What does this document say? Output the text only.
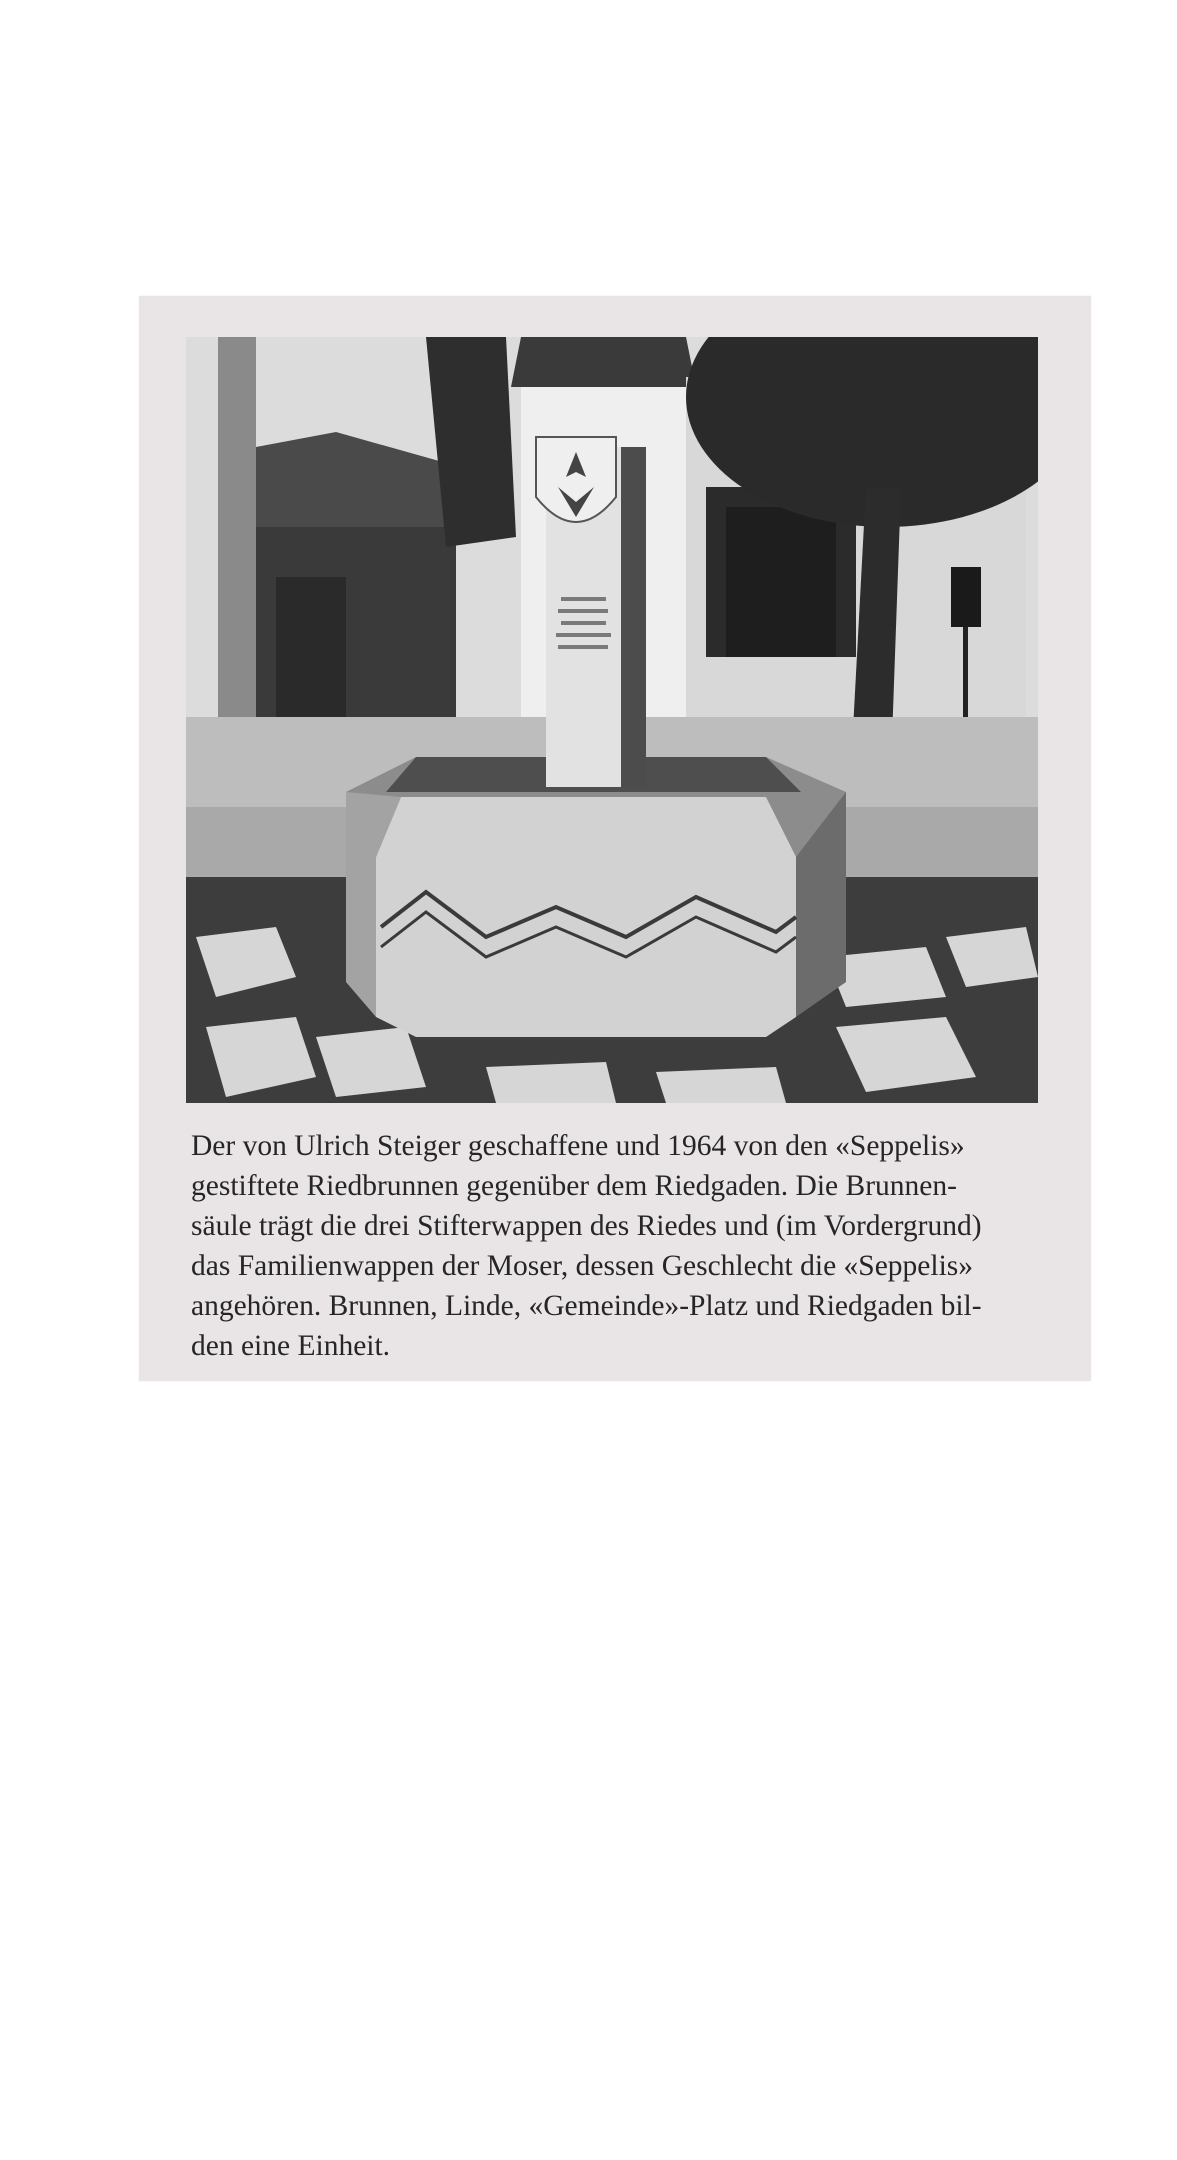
Der von Ulrich Steiger geschaffene und 1964 von den «Seppelis»
gestiftete Riedbrunnen gegenüber dem Riedgaden. Die Brunnen-
säule trägt die drei Stifterwappen des Riedes und (im Vordergrund)
das Familienwappen der Moser, dessen Geschlecht die «Seppelis»
angehören. Brunnen, Linde, «Gemeinde»-Platz und Riedgaden bil-
den eine Einheit.
